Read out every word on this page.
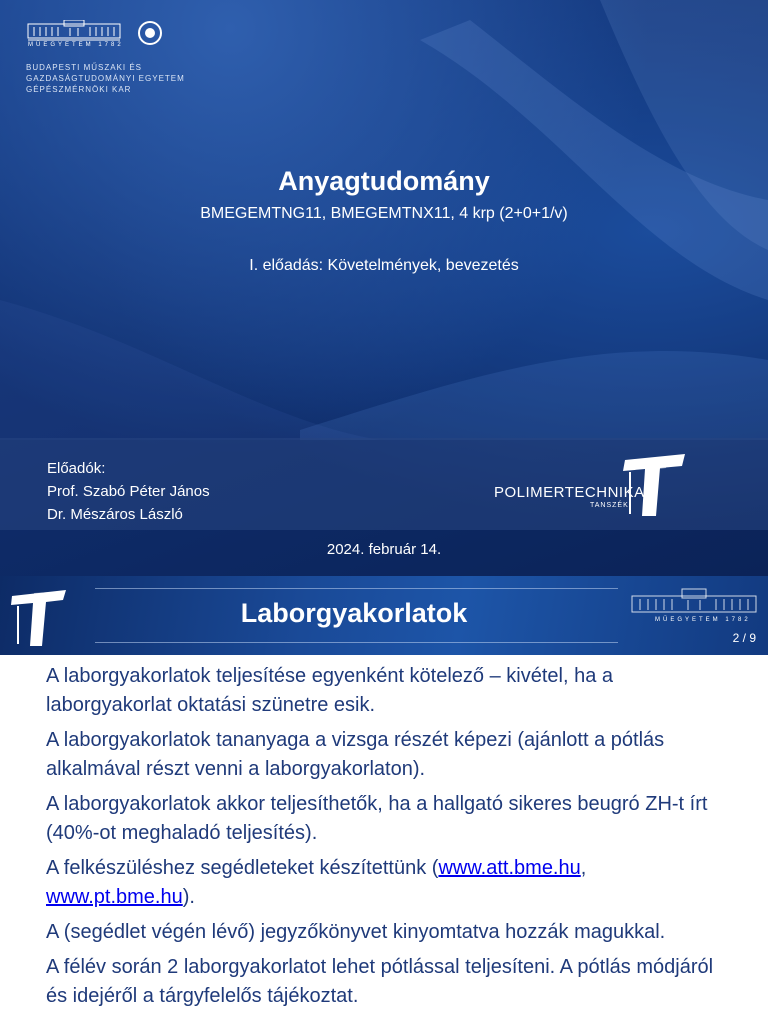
MŰEGYETEM 1782
BUDAPESTI MŰSZAKI ÉS
GAZDASÁGTUDOMÁNYI EGYETEM
GÉPÉSZMÉRNÖKI KAR
Anyagtudomány
BMEGEMTNG11, BMEGEMTNX11, 4 krp (2+0+1/v)
I. előadás: Követelmények, bevezetés
Előadók:
Prof. Szabó Péter János
Dr. Mészáros László
POLIMERTECHNIKA
TANSZÉK
2024. február 14.
Laborgyakorlatok	MŰEGYETEM 1782
2 / 9

A laborgyakorlatok teljesítése egyenként kötelező – kivétel, ha a laborgyakorlat oktatási szünetre esik.

A laborgyakorlatok tananyaga a vizsga részét képezi (ajánlott a pótlás alkalmával részt venni a laborgyakorlaton).

A laborgyakorlatok akkor teljesíthetők, ha a hallgató sikeres beugró ZH-t írt (40%-ot meghaladó teljesítés).

A felkészüléshez segédleteket készítettünk (www.att.bme.hu,
www.pt.bme.hu).

A (segédlet végén lévő) jegyzőkönyvet kinyomtatva hozzák magukkal.

A félév során 2 laborgyakorlatot lehet pótlással teljesíteni. A pótlás módjáról és idejéről a tárgyfelelős tájékoztat.
